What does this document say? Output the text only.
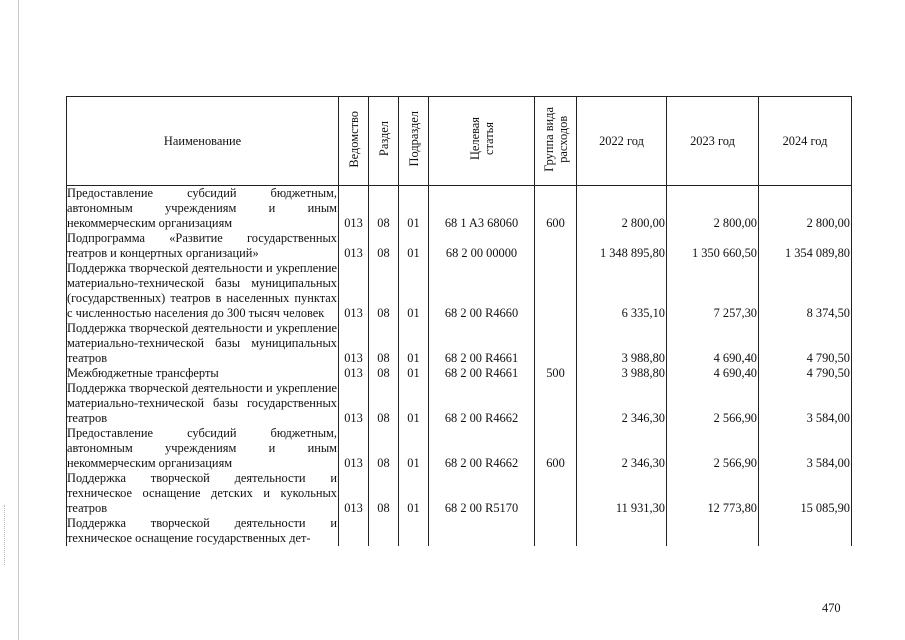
Наименование	Ведомство	Раздел	Подраздел	Целевая
статья	Группа вида
расходов	2022 год	2023 год	2024 год
Предоставление субсидий бюджетным, автономным учреждениям и иным некоммерческим организациям	013	08	01	68 1 A3 68060	600	2 800,00	2 800,00	2 800,00
Подпрограмма «Развитие государственных театров и концертных организаций»	013	08	01	68 2 00 00000		1 348 895,80	1 350 660,50	1 354 089,80
Поддержка творческой деятельности и укрепление материально-технической базы муниципальных (государственных) театров в населенных пунктах с численностью населения до 300 тысяч человек	013	08	01	68 2 00 R4660		6 335,10	7 257,30	8 374,50
Поддержка творческой деятельности и укрепление материально-технической базы муниципальных театров	013	08	01	68 2 00 R4661		3 988,80	4 690,40	4 790,50
Межбюджетные трансферты	013	08	01	68 2 00 R4661	500	3 988,80	4 690,40	4 790,50
Поддержка творческой деятельности и укрепление материально-технической базы государственных театров	013	08	01	68 2 00 R4662		2 346,30	2 566,90	3 584,00
Предоставление субсидий бюджетным, автономным учреждениям и иным некоммерческим организациям	013	08	01	68 2 00 R4662	600	2 346,30	2 566,90	3 584,00
Поддержка творческой деятельности и техническое оснащение детских и кукольных театров	013	08	01	68 2 00 R5170		11 931,30	12 773,80	15 085,90
Поддержка творческой деятельности и техническое оснащение государственных дет-								
470
